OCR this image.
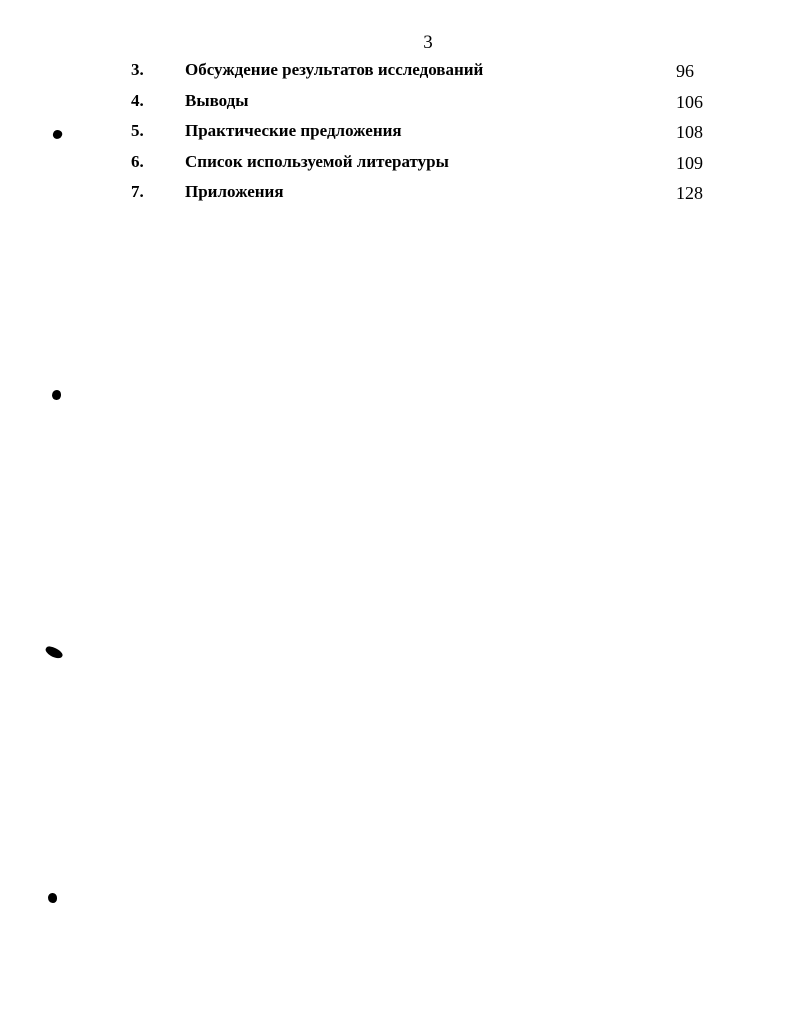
3
3. Обсуждение результатов исследований	96
4. Выводы	106
5. Практические предложения	108
6. Список используемой литературы	109
7. Приложения	128
